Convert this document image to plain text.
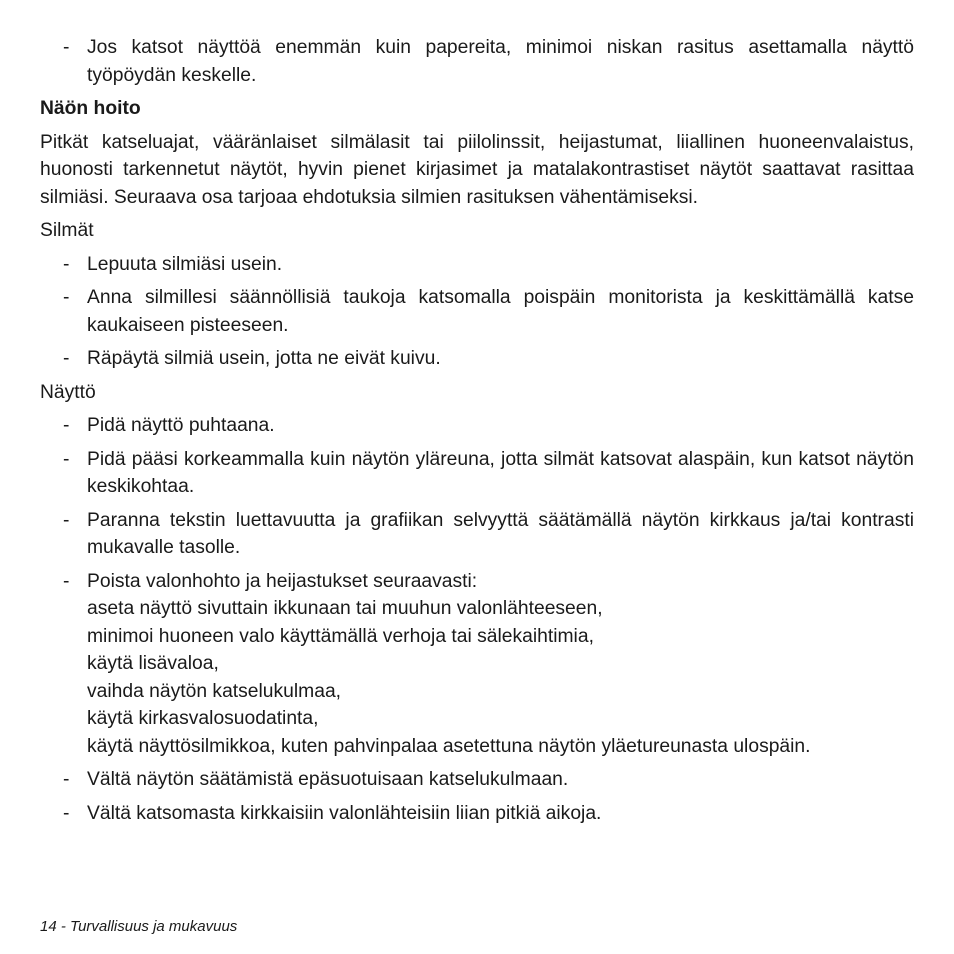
- Jos katsot näyttöä enemmän kuin papereita, minimoi niskan rasitus asettamalla näyttö työpöydän keskelle.
Näön hoito

Pitkät katseluajat, vääränlaiset silmälasit tai piilolinssit, heijastumat, liiallinen huoneenvalaistus, huonosti tarkennetut näytöt, hyvin pienet kirjasimet ja matalakontrastiset näytöt saattavat rasittaa silmiäsi. Seuraava osa tarjoaa ehdotuksia silmien rasituksen vähentämiseksi.

Silmät
- Lepuuta silmiäsi usein.
- Anna silmillesi säännöllisiä taukoja katsomalla poispäin monitorista ja keskittämällä katse kaukaiseen pisteeseen.
- Räpäytä silmiä usein, jotta ne eivät kuivu.
Näyttö
- Pidä näyttö puhtaana.
- Pidä pääsi korkeammalla kuin näytön yläreuna, jotta silmät katsovat alaspäin, kun katsot näytön keskikohtaa.
- Paranna tekstin luettavuutta ja grafiikan selvyyttä säätämällä näytön kirkkaus ja/tai kontrasti mukavalle tasolle.
- Poista valonhohto ja heijastukset seuraavasti:
aseta näyttö sivuttain ikkunaan tai muuhun valonlähteeseen,
minimoi huoneen valo käyttämällä verhoja tai sälekaihtimia,
käytä lisävaloa,
vaihda näytön katselukulmaa,
käytä kirkasvalosuodatinta,
käytä näyttösilmikkoa, kuten pahvinpalaa asetettuna näytön yläetureunasta ulospäin.
- Vältä näytön säätämistä epäsuotuisaan katselukulmaan.
- Vältä katsomasta kirkkaisiin valonlähteisiin liian pitkiä aikoja.
14 - Turvallisuus ja mukavuus
